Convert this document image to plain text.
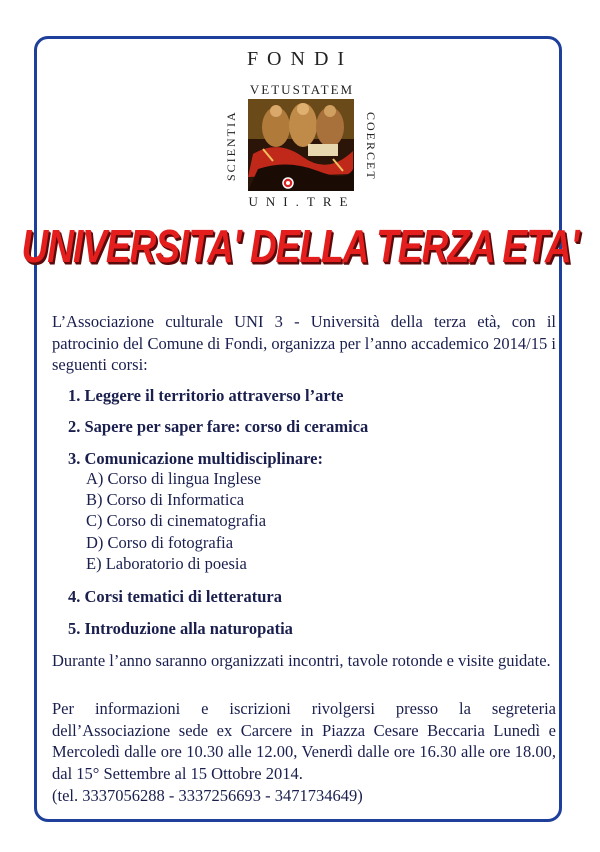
FONDI
VETUSTATEM
SCIENTIA	COERCET
UNI.TRE
UNIVERSITA' DELLA TERZA ETA'
L’Associazione culturale UNI 3 - Università della terza età, con il patrocinio del Comune di Fondi, organizza per l’anno accademico 2014/15 i seguenti corsi:
1. Leggere il territorio attraverso l’arte
2. Sapere per saper fare: corso di ceramica
3. Comunicazione multidisciplinare:
A) Corso di lingua Inglese
B) Corso di Informatica
C) Corso di cinematografia
D) Corso di fotografia
E) Laboratorio di poesia
4. Corsi tematici di letteratura
5. Introduzione alla naturopatia
Durante l’anno saranno organizzati incontri, tavole rotonde e visite guidate.
Per informazioni e iscrizioni rivolgersi presso la segreteria dell’Associazione sede ex Carcere in Piazza Cesare Beccaria Lunedì e Mercoledì dalle ore 10.30 alle 12.00, Venerdì dalle ore 16.30 alle ore 18.00, dal 15° Settembre al 15 Ottobre 2014.
(tel. 3337056288 - 3337256693 - 3471734649)
